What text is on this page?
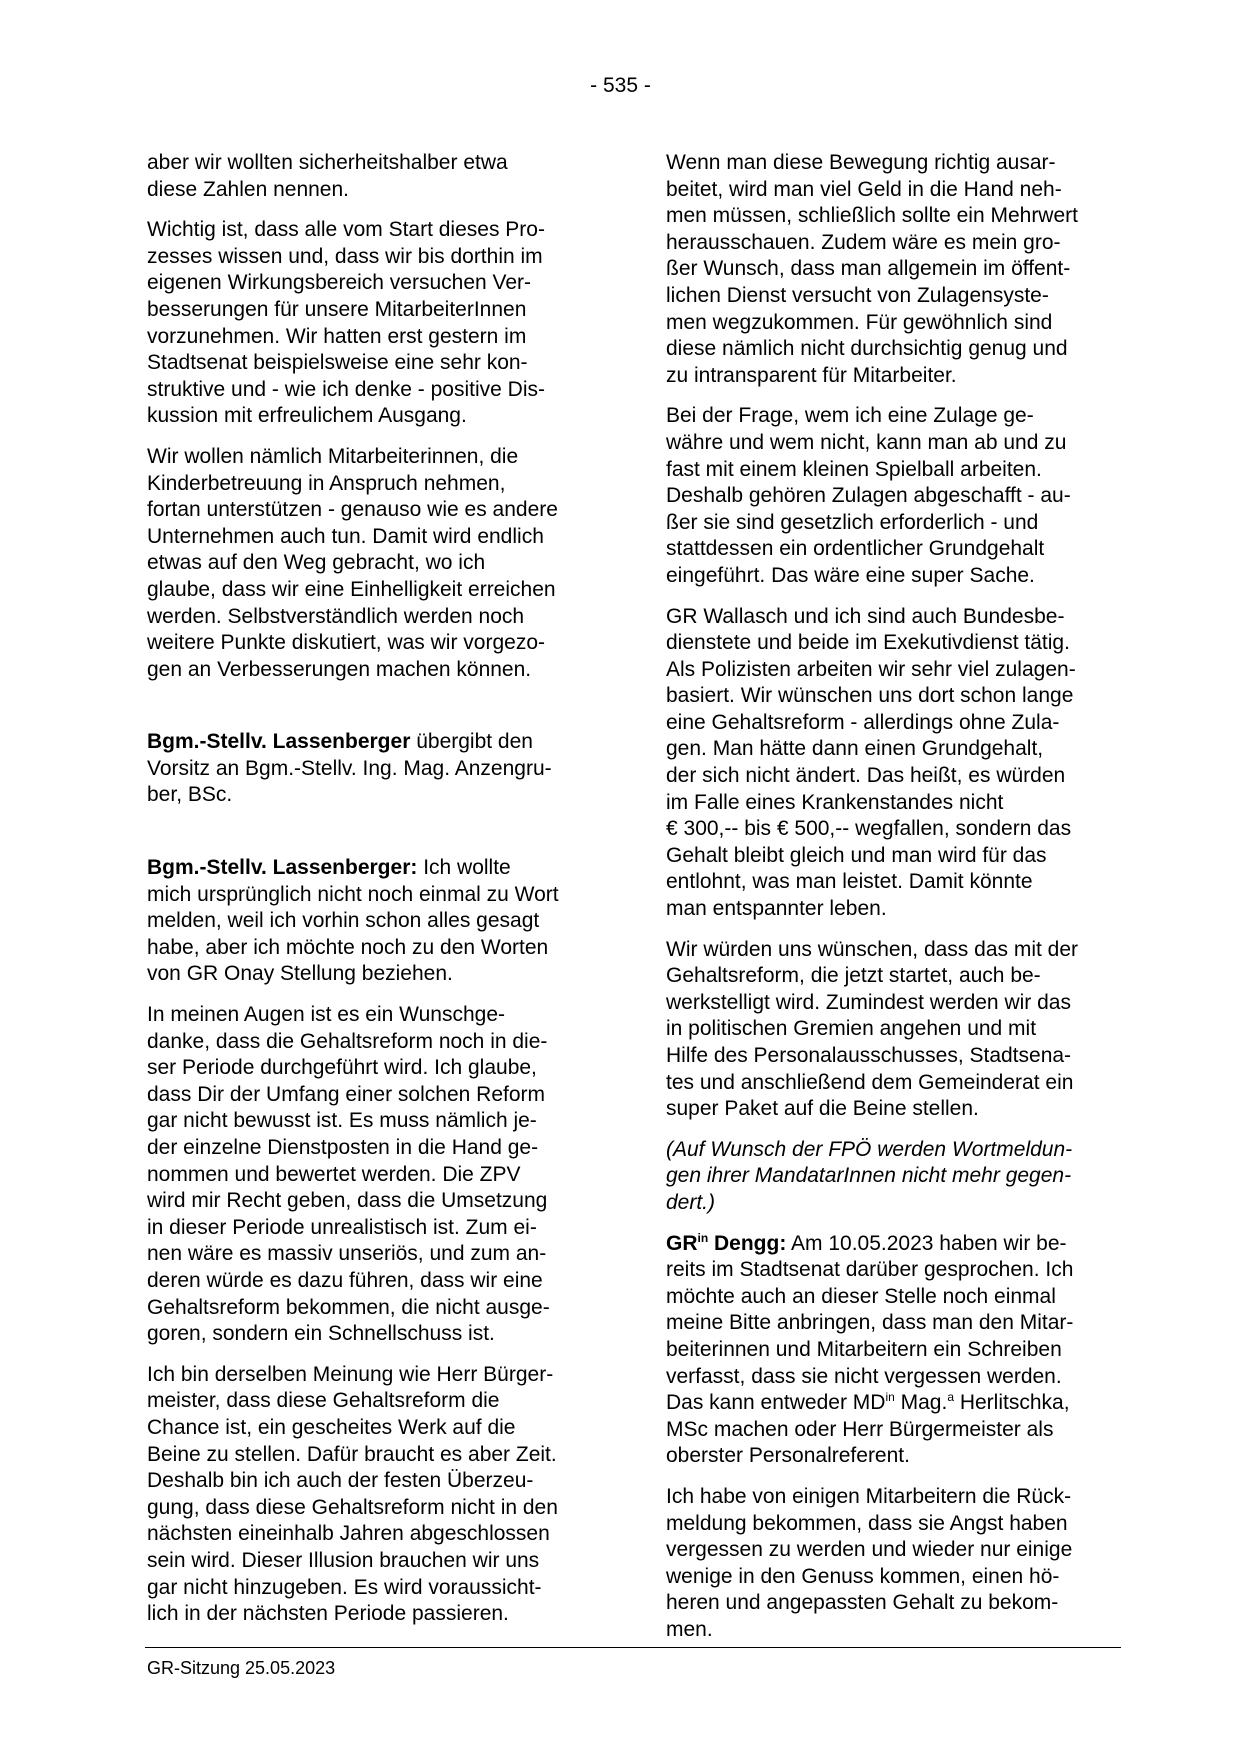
- 535 -

aber wir wollten sicherheitshalber etwa
diese Zahlen nennen.

Wichtig ist, dass alle vom Start dieses Pro-
zesses wissen und, dass wir bis dorthin im
eigenen Wirkungsbereich versuchen Ver-
besserungen für unsere MitarbeiterInnen
vorzunehmen. Wir hatten erst gestern im
Stadtsenat beispielsweise eine sehr kon-
struktive und - wie ich denke - positive Dis-
kussion mit erfreulichem Ausgang.

Wir wollen nämlich Mitarbeiterinnen, die
Kinderbetreuung in Anspruch nehmen,
fortan unterstützen - genauso wie es andere
Unternehmen auch tun. Damit wird endlich
etwas auf den Weg gebracht, wo ich
glaube, dass wir eine Einhelligkeit erreichen
werden. Selbstverständlich werden noch
weitere Punkte diskutiert, was wir vorgezo-
gen an Verbesserungen machen können.

Bgm.-Stellv. Lassenberger übergibt den
Vorsitz an Bgm.-Stellv. Ing. Mag. Anzengru-
ber, BSc.

Bgm.-Stellv. Lassenberger: Ich wollte
mich ursprünglich nicht noch einmal zu Wort
melden, weil ich vorhin schon alles gesagt
habe, aber ich möchte noch zu den Worten
von GR Onay Stellung beziehen.

In meinen Augen ist es ein Wunschge-
danke, dass die Gehaltsreform noch in die-
ser Periode durchgeführt wird. Ich glaube,
dass Dir der Umfang einer solchen Reform
gar nicht bewusst ist. Es muss nämlich je-
der einzelne Dienstposten in die Hand ge-
nommen und bewertet werden. Die ZPV
wird mir Recht geben, dass die Umsetzung
in dieser Periode unrealistisch ist. Zum ei-
nen wäre es massiv unseriös, und zum an-
deren würde es dazu führen, dass wir eine
Gehaltsreform bekommen, die nicht ausge-
goren, sondern ein Schnellschuss ist.

Ich bin derselben Meinung wie Herr Bürger-
meister, dass diese Gehaltsreform die
Chance ist, ein gescheites Werk auf die
Beine zu stellen. Dafür braucht es aber Zeit.
Deshalb bin ich auch der festen Überzeu-
gung, dass diese Gehaltsreform nicht in den
nächsten eineinhalb Jahren abgeschlossen
sein wird. Dieser Illusion brauchen wir uns
gar nicht hinzugeben. Es wird voraussicht-
lich in der nächsten Periode passieren.

Wenn man diese Bewegung richtig ausar-
beitet, wird man viel Geld in die Hand neh-
men müssen, schließlich sollte ein Mehrwert
herausschauen. Zudem wäre es mein gro-
ßer Wunsch, dass man allgemein im öffent-
lichen Dienst versucht von Zulagensyste-
men wegzukommen. Für gewöhnlich sind
diese nämlich nicht durchsichtig genug und
zu intransparent für Mitarbeiter.

Bei der Frage, wem ich eine Zulage ge-
währe und wem nicht, kann man ab und zu
fast mit einem kleinen Spielball arbeiten.
Deshalb gehören Zulagen abgeschafft - au-
ßer sie sind gesetzlich erforderlich - und
stattdessen ein ordentlicher Grundgehalt
eingeführt. Das wäre eine super Sache.

GR Wallasch und ich sind auch Bundesbe-
dienstete und beide im Exekutivdienst tätig.
Als Polizisten arbeiten wir sehr viel zulagen-
basiert. Wir wünschen uns dort schon lange
eine Gehaltsreform - allerdings ohne Zula-
gen. Man hätte dann einen Grundgehalt,
der sich nicht ändert. Das heißt, es würden
im Falle eines Krankenstandes nicht
€ 300,-- bis € 500,-- wegfallen, sondern das
Gehalt bleibt gleich und man wird für das
entlohnt, was man leistet. Damit könnte
man entspannter leben.

Wir würden uns wünschen, dass das mit der
Gehaltsreform, die jetzt startet, auch be-
werkstelligt wird. Zumindest werden wir das
in politischen Gremien angehen und mit
Hilfe des Personalausschusses, Stadtsena-
tes und anschließend dem Gemeinderat ein
super Paket auf die Beine stellen.

(Auf Wunsch der FPÖ werden Wortmeldun-
gen ihrer MandatarInnen nicht mehr gegen-
dert.)

$GR^{in}$ Dengg: Am 10.05.2023 haben wir be-
reits im Stadtsenat darüber gesprochen. Ich
möchte auch an dieser Stelle noch einmal
meine Bitte anbringen, dass man den Mitar-
beiterinnen und Mitarbeitern ein Schreiben
verfasst, dass sie nicht vergessen werden.
Das kann entweder $MD^{in}$ Mag.$^a$ Herlitschka,
MSc machen oder Herr Bürgermeister als
oberster Personalreferent.

Ich habe von einigen Mitarbeitern die Rück-
meldung bekommen, dass sie Angst haben
vergessen zu werden und wieder nur einige
wenige in den Genuss kommen, einen hö-
heren und angepassten Gehalt zu bekom-
men.

GR-Sitzung 25.05.2023
